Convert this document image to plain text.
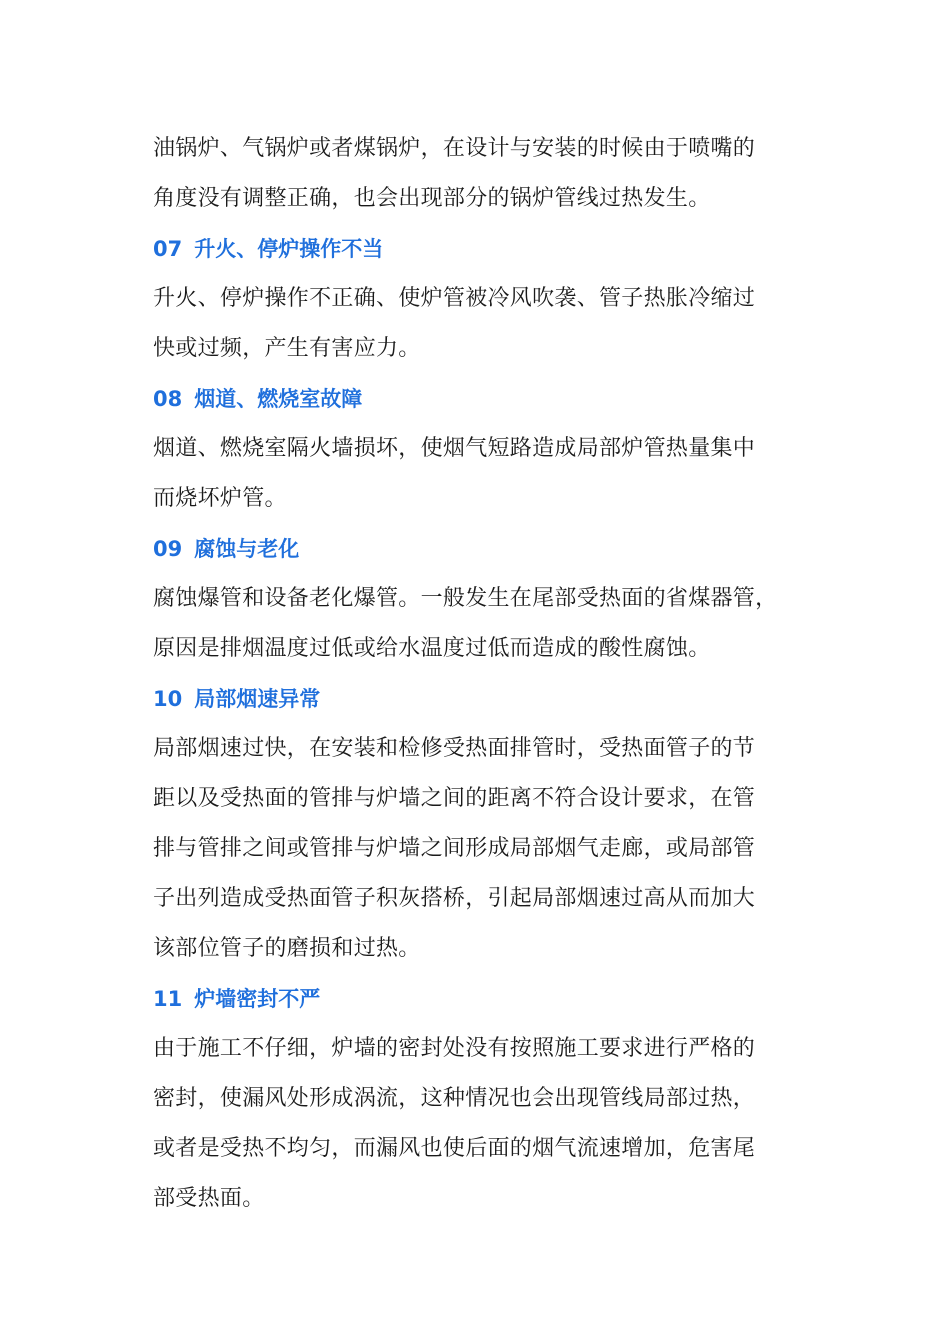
油锅炉、气锅炉或者煤锅炉，在设计与安装的时候由于喷嘴的
角度没有调整正确，也会出现部分的锅炉管线过热发生。
07 升火、停炉操作不当
升火、停炉操作不正确、使炉管被冷风吹袭、管子热胀冷缩过
快或过频，产生有害应力。
08 烟道、燃烧室故障
烟道、燃烧室隔火墙损坏，使烟气短路造成局部炉管热量集中
而烧坏炉管。
09 腐蚀与老化
腐蚀爆管和设备老化爆管。一般发生在尾部受热面的省煤器管，
原因是排烟温度过低或给水温度过低而造成的酸性腐蚀。
10 局部烟速异常
局部烟速过快，在安装和检修受热面排管时，受热面管子的节
距以及受热面的管排与炉墙之间的距离不符合设计要求，在管
排与管排之间或管排与炉墙之间形成局部烟气走廊，或局部管
子出列造成受热面管子积灰搭桥，引起局部烟速过高从而加大
该部位管子的磨损和过热。
11 炉墙密封不严
由于施工不仔细，炉墙的密封处没有按照施工要求进行严格的
密封，使漏风处形成涡流，这种情况也会出现管线局部过热，
或者是受热不均匀，而漏风也使后面的烟气流速增加，危害尾
部受热面。
